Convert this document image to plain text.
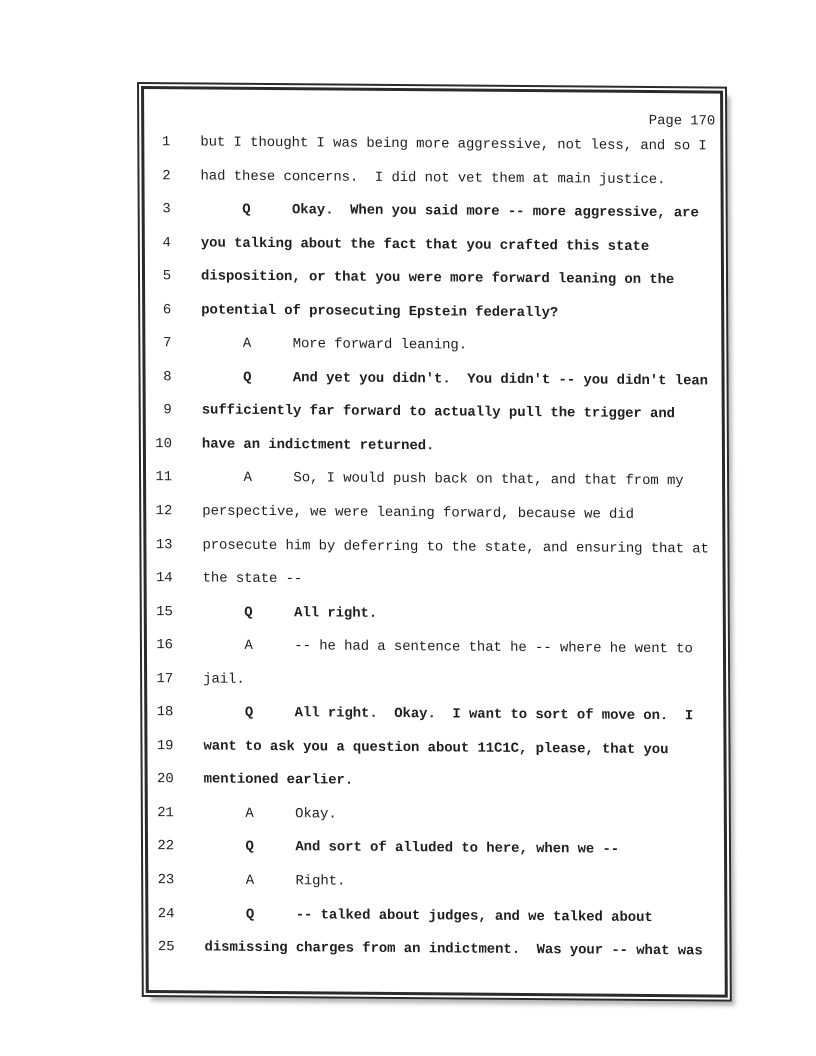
Page 170
1 but I thought I was being more aggressive, not less, and so I
2 had these concerns.  I did not vet them at main justice.
3 Q     Okay.  When you said more -- more aggressive, are
4 you talking about the fact that you crafted this state
5 disposition, or that you were more forward leaning on the
6 potential of prosecuting Epstein federally?
7 A     More forward leaning.
8 Q     And yet you didn't.  You didn't -- you didn't lean
9 sufficiently far forward to actually pull the trigger and
10 have an indictment returned.
11 A     So, I would push back on that, and that from my
12 perspective, we were leaning forward, because we did
13 prosecute him by deferring to the state, and ensuring that at
14 the state --
15 Q     All right.
16 A     -- he had a sentence that he -- where he went to
17 jail.
18 Q     All right.  Okay.  I want to sort of move on.  I
19 want to ask you a question about 11C1C, please, that you
20 mentioned earlier.
21 A     Okay.
22 Q     And sort of alluded to here, when we --
23 A     Right.
24 Q     -- talked about judges, and we talked about
25 dismissing charges from an indictment.  Was your -- what was
